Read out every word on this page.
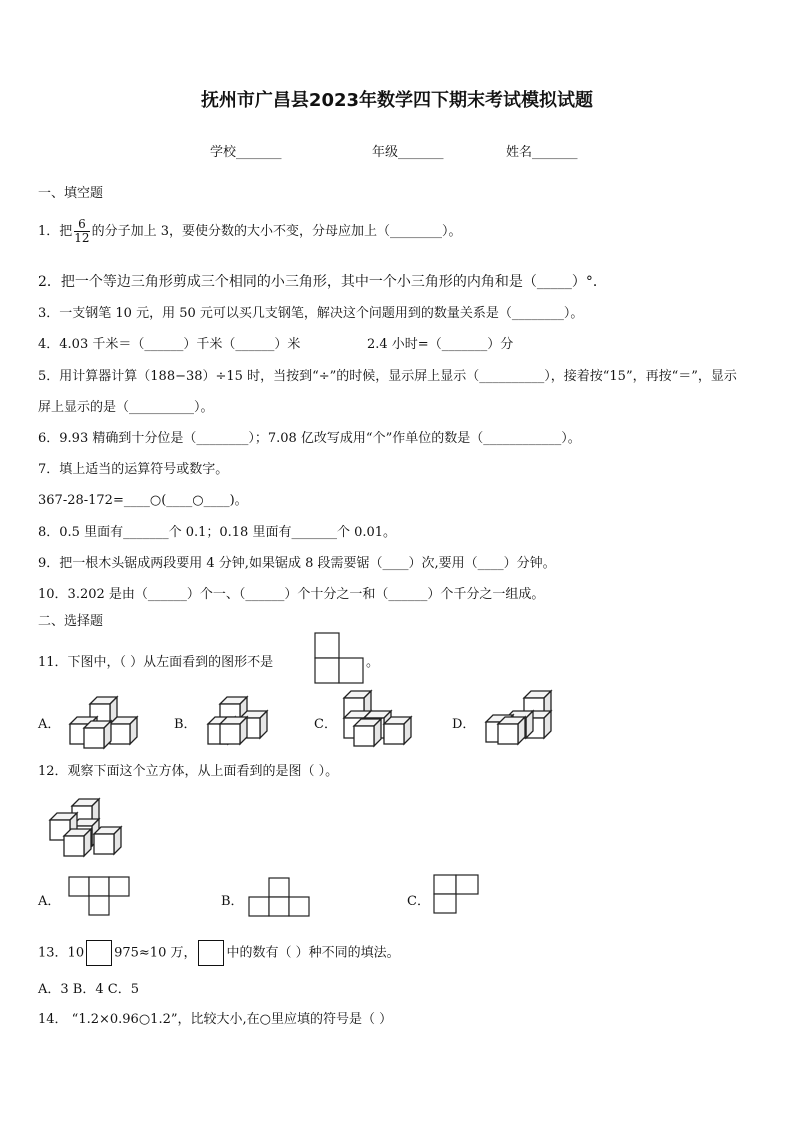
抚州市广昌县2023年数学四下期末考试模拟试题
学校_______	年级_______	姓名_______
一、填空题
1．把 $\frac{6}{12}$ 的分子加上 3，要使分数的大小不变，分母应加上（________）。
2．把一个等边三角形剪成三个相同的小三角形，其中一个小三角形的内角和是（_____）°．
3．一支钢笔 10 元，用 50 元可以买几支钢笔，解决这个问题用到的数量关系是（________）。
4．4.03 千米＝（______）千米（______）米	2.4 小时=（_______）分
5．用计算器计算（188−38）÷15 时，当按到“÷”的时候，显示屏上显示（__________），接着按“15”，再按“＝”，显示
屏上显示的是（__________）。
6．9.93 精确到十分位是（________）；7.08 亿改写成用“个”作单位的数是（____________）。
7．填上适当的运算符号或数字。
367-28-172=____○(____○____)。
8．0.5 里面有_______个 0.1；0.18 里面有_______个 0.01。
9．把一根木头锯成两段要用 4 分钟,如果锯成 8 段需要锯（____）次,要用（____）分钟。
10．3.202 是由（______）个一、（______）个十分之一和（______）个千分之一组成。
二、选择题
11．下图中，（ ）从左面看到的图形不是	。
A．	B．	C．	D．
12．观察下面这个立方体，从上面看到的是图（ ）。
A．	B．	C．
13．10 975≈10 万， 中的数有（ ）种不同的填法。
A．3 B．4 C．5
14． “1.2×0.96○1.2”，比较大小,在○里应填的符号是（ ）
